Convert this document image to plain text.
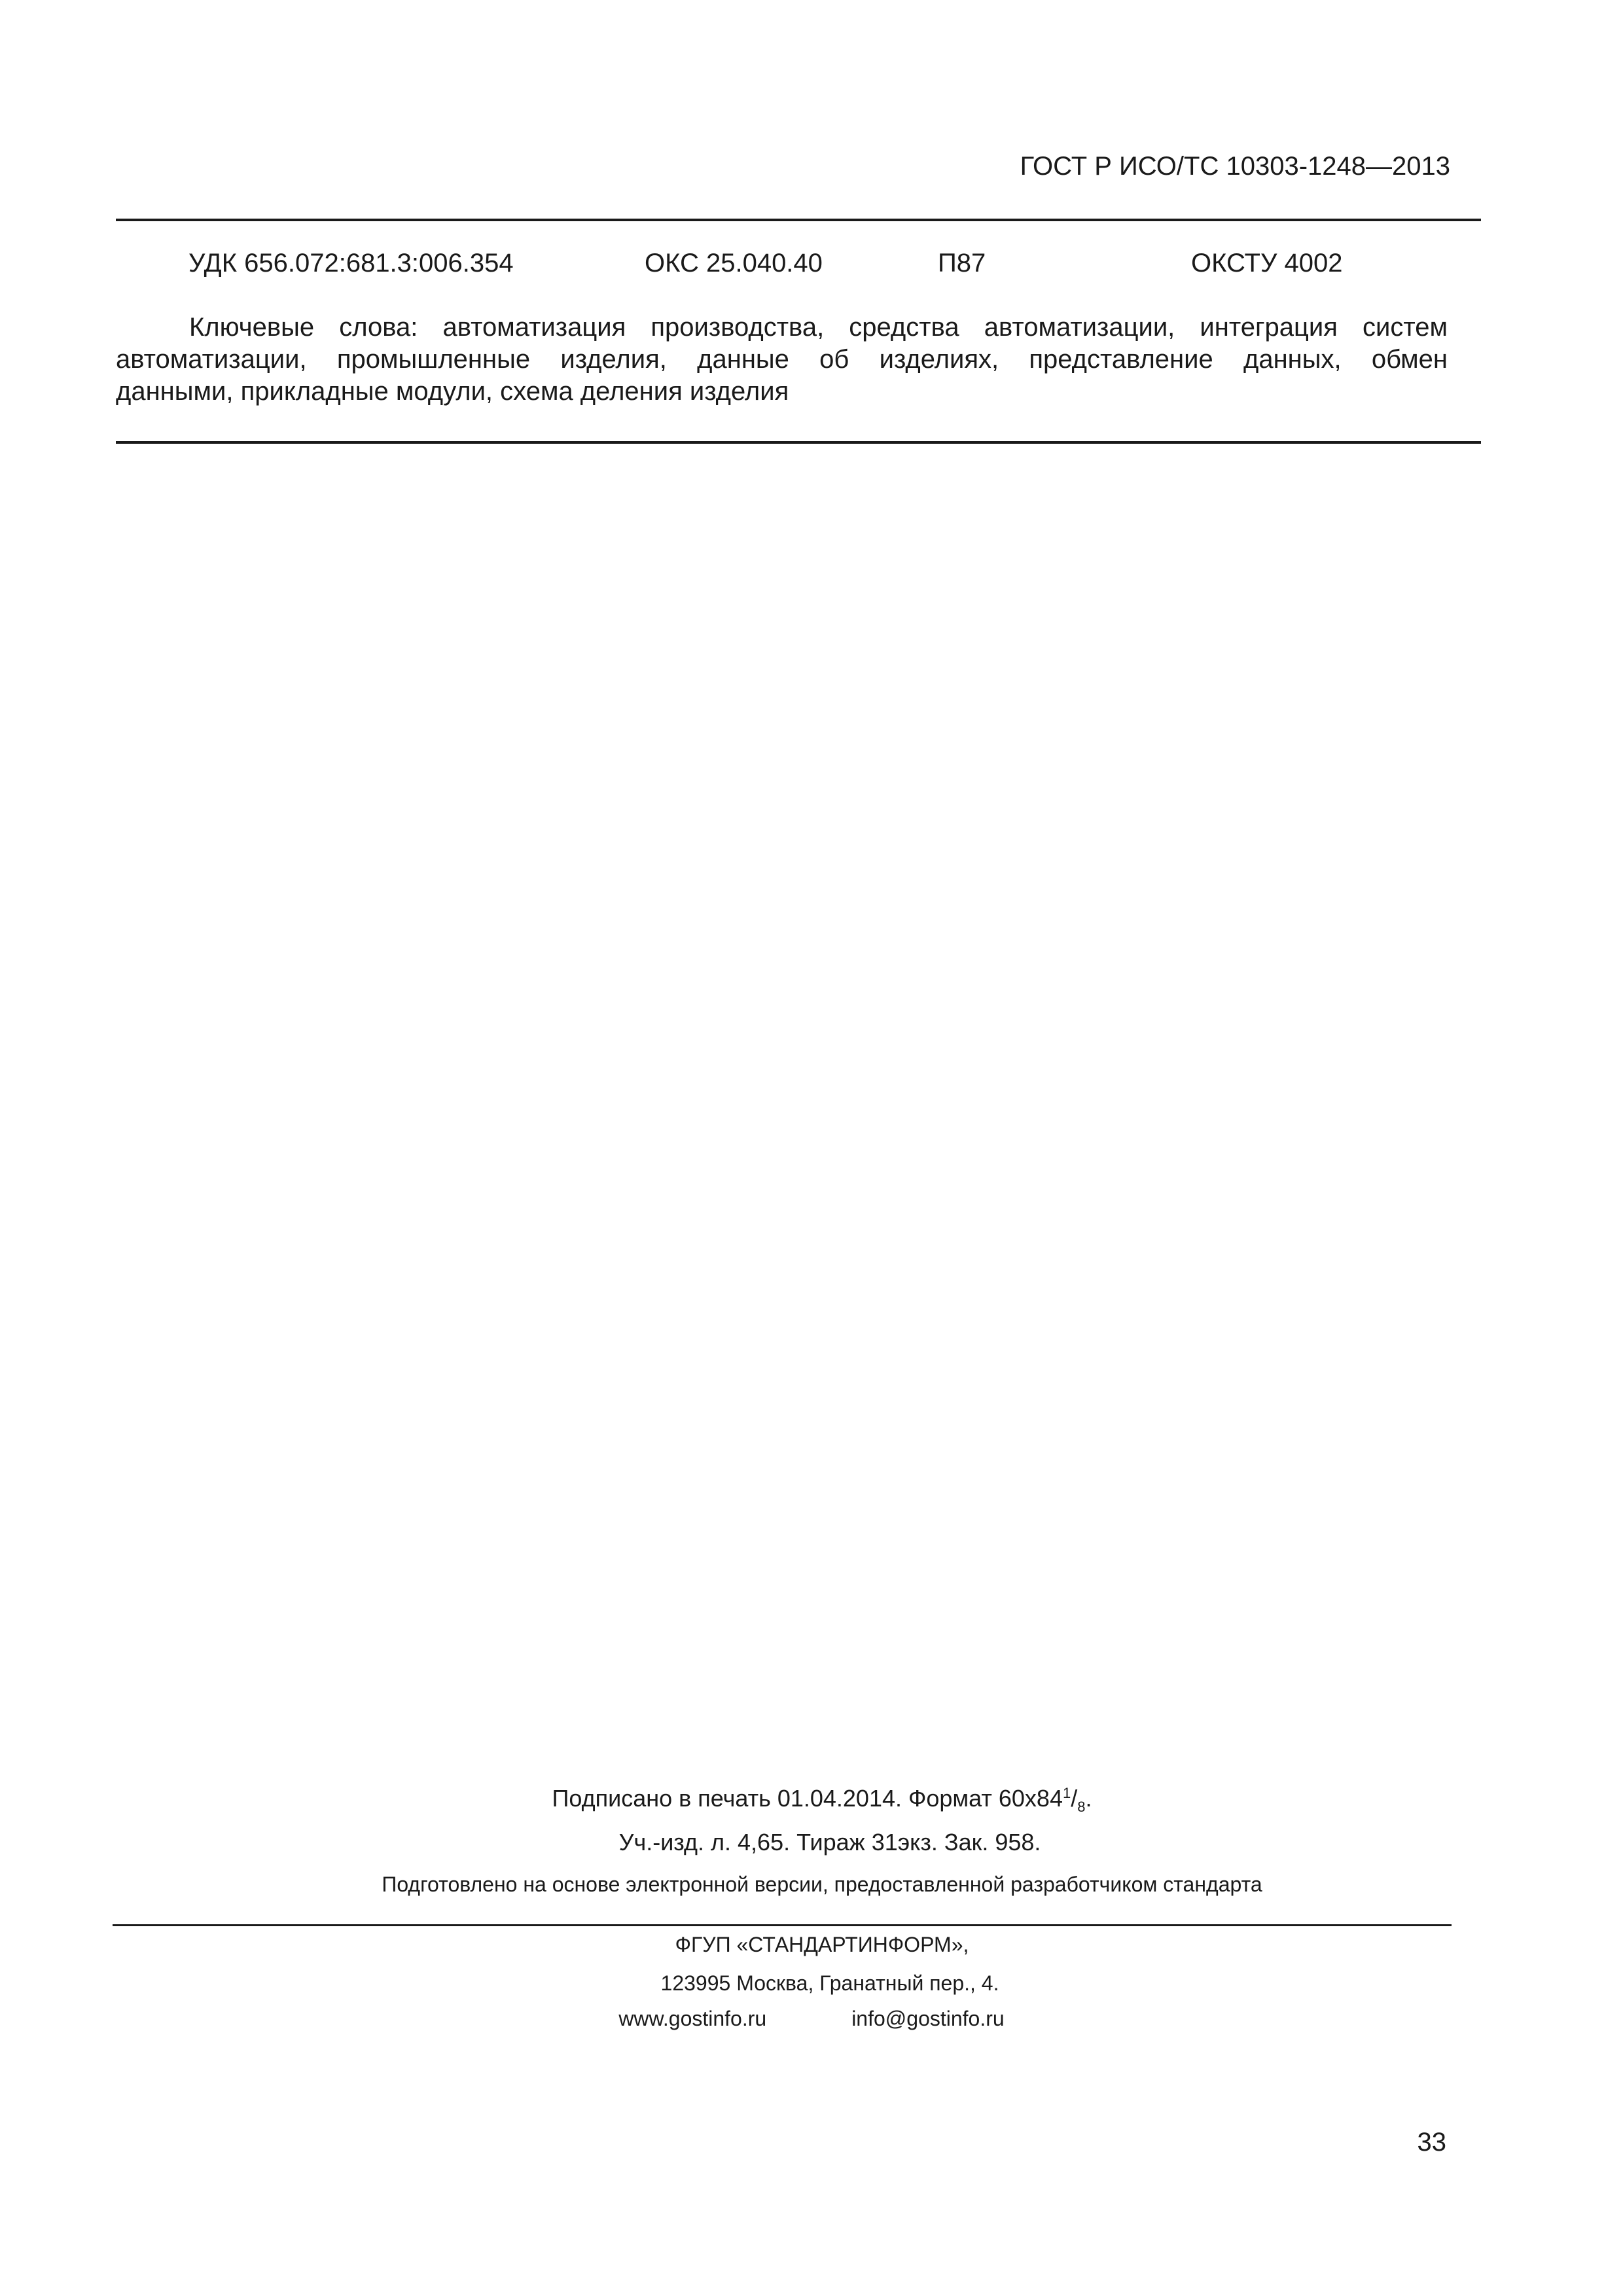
ГОСТ Р ИСО/ТС 10303-1248—2013
УДК 656.072:681.3:006.354	ОКС 25.040.40	П87	ОКСТУ 4002
Ключевые слова: автоматизация производства, средства автоматизации, интеграция систем
автоматизации, промышленные изделия, данные об изделиях, представление данных, обмен
данными, прикладные модули, схема деления изделия
Подписано в печать 01.04.2014. Формат $60x84^1/_8$.
Уч.-изд. л. 4,65. Тираж 31экз. Зак. 958.
Подготовлено на основе электронной версии, предоставленной разработчиком стандарта
ФГУП «СТАНДАРТИНФОРМ»,
123995 Москва, Гранатный пер., 4.
www.gostinfo.ru	info@gostinfo.ru
33
